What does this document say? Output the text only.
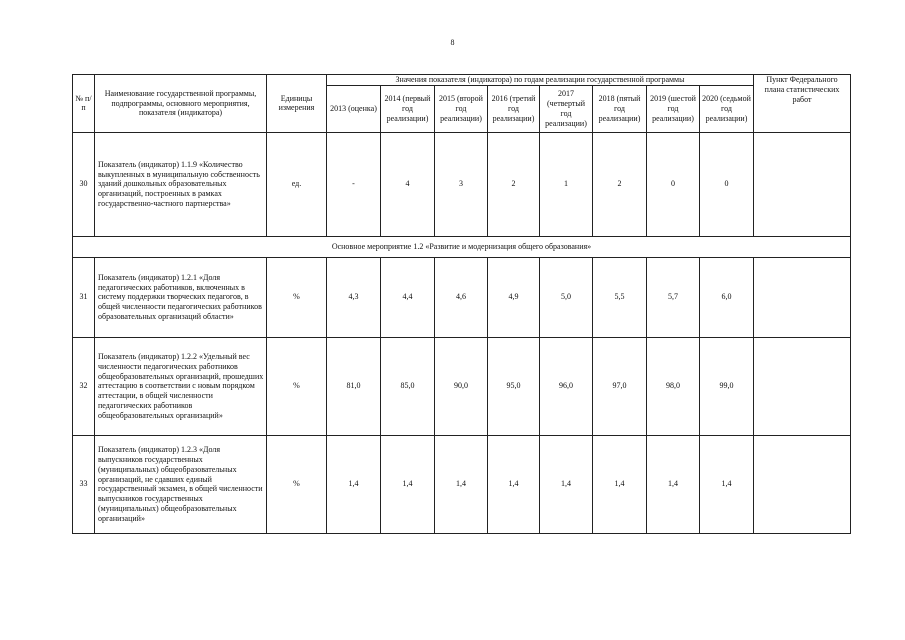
8
№ п/п	Наименование государственной программы, подпрограммы, основного мероприятия, показателя (индикатора)	Единицы измерения	Значения показателя (индикатора) по годам реализации государственной программы								Пункт Федерального плана статистических работ
			2013 (оценка)	2014 (первый год реализации)	2015 (второй год реализации)	2016 (третий год реализации)	2017 (четвертый год реализации)	2018 (пятый год реализации)	2019 (шестой год реализации)	2020 (седьмой год реализации)	
30	Показатель (индикатор) 1.1.9 «Количество выкупленных в муниципальную собственность зданий дошкольных образовательных организаций, построенных в рамках государственно-частного партнерства»	ед.	-	4	3	2	1	2	0	0	
Основное мероприятие 1.2 «Развитие и модернизация общего образования»											
31	Показатель (индикатор) 1.2.1 «Доля педагогических работников, включенных в систему поддержки творческих педагогов, в общей численности педагогических работников образовательных организаций области»	%	4,3	4,4	4,6	4,9	5,0	5,5	5,7	6,0	
32	Показатель (индикатор) 1.2.2 «Удельный вес численности педагогических работников общеобразовательных организаций, прошедших аттестацию в соответствии с новым порядком аттестации, в общей численности педагогических работников общеобразовательных организаций»	%	81,0	85,0	90,0	95,0	96,0	97,0	98,0	99,0	
33	Показатель (индикатор) 1.2.3 «Доля выпускников государственных (муниципальных) общеобразовательных организаций, не сдавших единый государственный экзамен, в общей численности выпускников государственных (муниципальных) общеобразовательных организаций»	%	1,4	1,4	1,4	1,4	1,4	1,4	1,4	1,4	
